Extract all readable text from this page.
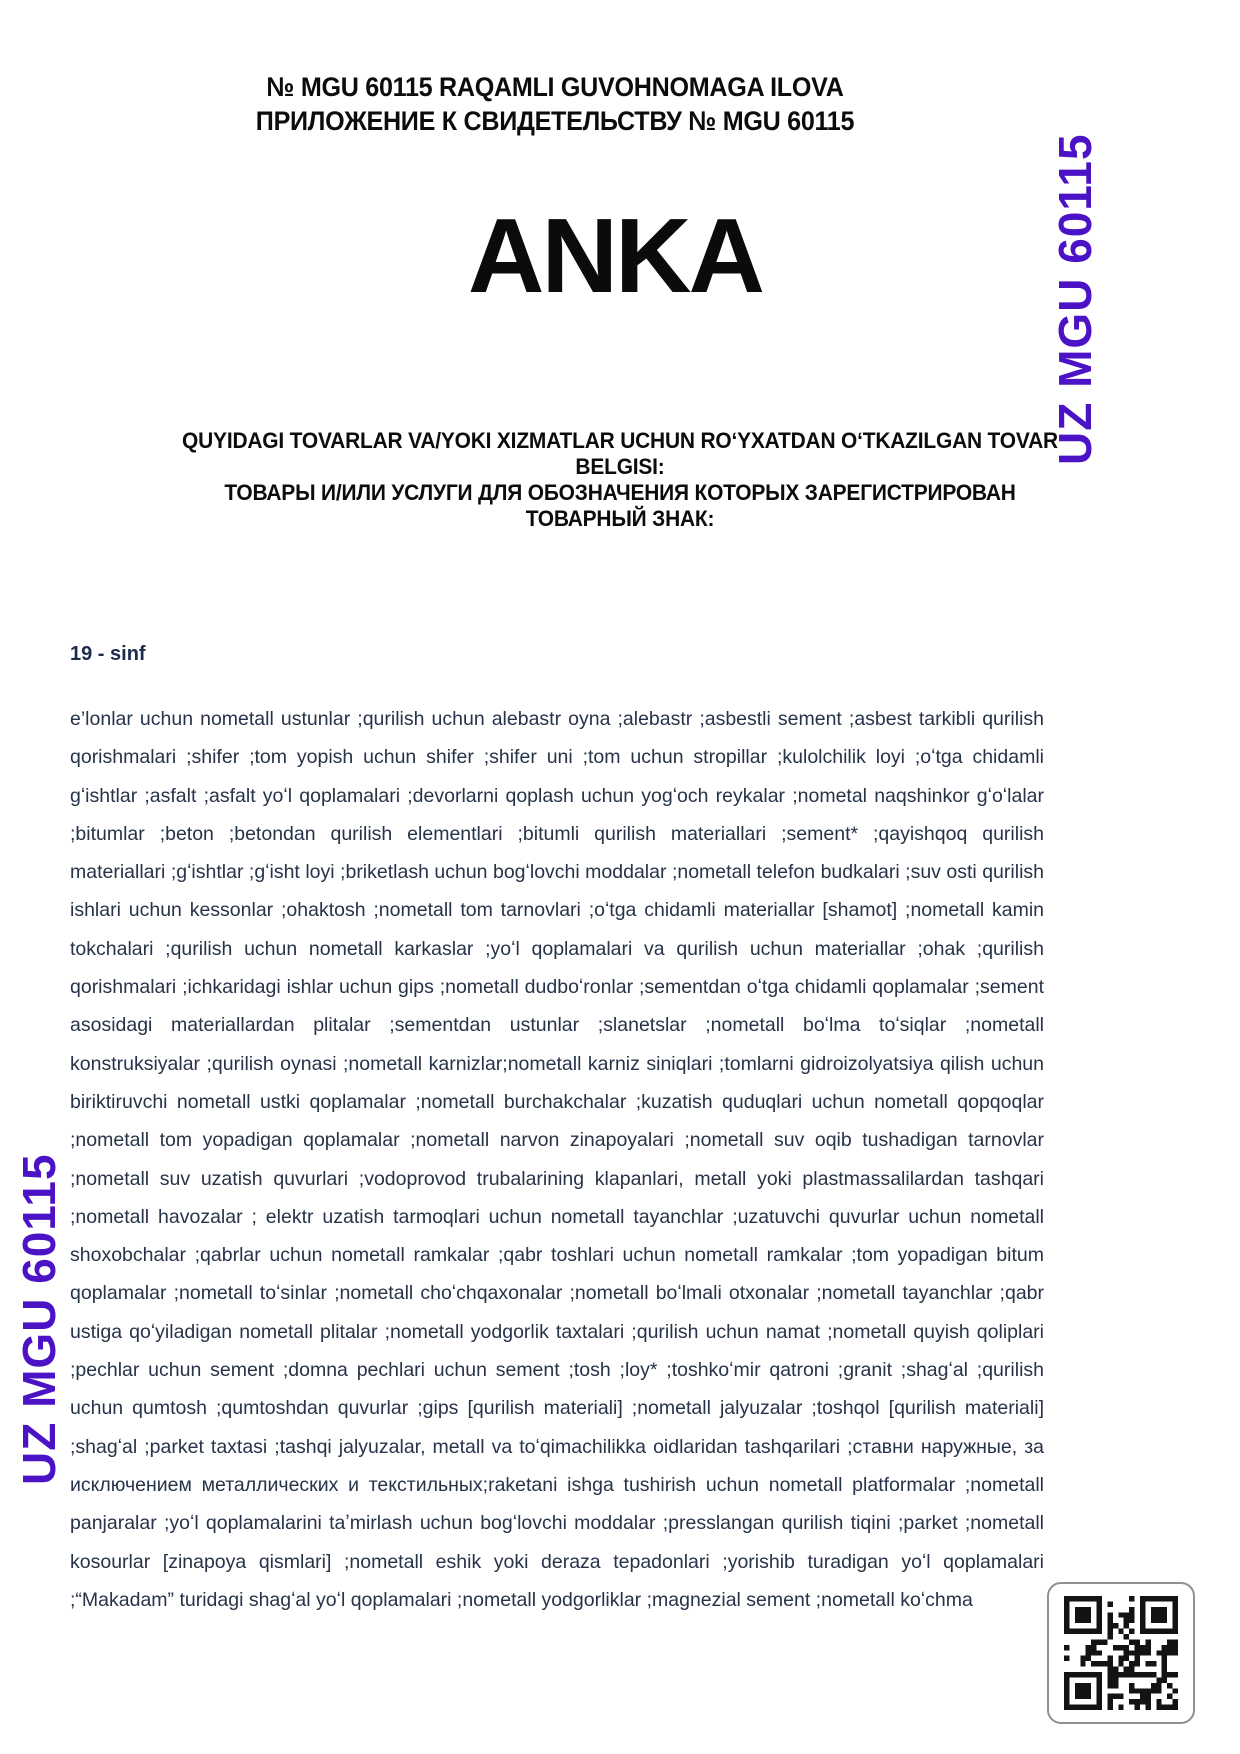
№ MGU 60115 RAQAMLI GUVOHNOMAGA ILOVA
ПРИЛОЖЕНИЕ К СВИДЕТЕЛЬСТВУ № MGU 60115
ANKA	UZ MGU 60115
QUYIDAGI TOVARLAR VA/YOKI XIZMATLAR UCHUN ROʻYXATDAN OʻTKAZILGAN TOVAR BELGISI:
ТОВАРЫ И/ИЛИ УСЛУГИ ДЛЯ ОБОЗНАЧЕНИЯ КОТОРЫХ ЗАРЕГИСТРИРОВАН ТОВАРНЫЙ ЗНАК:
19 - sinf
e’lonlar uchun nometall ustunlar ;qurilish uchun alebastr oyna ;alebastr ;asbestli sement ;asbest tarkibli qurilish qorishmalari ;shifer ;tom yopish uchun shifer ;shifer uni ;tom uchun stropillar ;kulolchilik loyi ;oʻtga chidamli gʻishtlar ;asfalt ;asfalt yoʻl qoplamalari ;devorlarni qoplash uchun yogʻoch reykalar ;nometal naqshinkor gʻoʻlalar ;bitumlar ;beton ;betondan qurilish elementlari ;bitumli qurilish materiallari ;sement* ;qayishqoq qurilish materiallari ;gʻishtlar ;gʻisht loyi ;briketlash uchun bogʻlovchi moddalar ;nometall telefon budkalari ;suv osti qurilish ishlari uchun kessonlar ;ohaktosh ;nometall tom tarnovlari ;oʻtga chidamli materiallar [shamot] ;nometall kamin tokchalari ;qurilish uchun nometall karkaslar ;yoʻl qoplamalari va qurilish uchun materiallar ;ohak ;qurilish qorishmalari ;ichkaridagi ishlar uchun gips ;nometall dudboʻronlar ;sementdan oʻtga chidamli qoplamalar ;sement asosidagi materiallardan plitalar ;sementdan ustunlar ;slanetslar ;nometall boʻlma toʻsiqlar ;nometall konstruksiyalar ;qurilish oynasi ;nometall karnizlar;nometall karniz siniqlari ;tomlarni gidroizolyatsiya qilish uchun biriktiruvchi nometall ustki qoplamalar ;nometall burchakchalar ;kuzatish quduqlari uchun nometall qopqoqlar ;nometall tom yopadigan qoplamalar ;nometall narvon zinapoyalari ;nometall suv oqib tushadigan tarnovlar ;nometall suv uzatish quvurlari ;vodoprovod trubalarining klapanlari, metall yoki plastmassalilardan tashqari ;nometall havozalar ; elektr uzatish tarmoqlari uchun nometall tayanchlar ;uzatuvchi quvurlar uchun nometall shoxobchalar ;qabrlar uchun nometall ramkalar ;qabr toshlari uchun nometall ramkalar ;tom yopadigan bitum qoplamalar ;nometall toʻsinlar ;nometall choʻchqaxonalar ;nometall boʻlmali otxonalar ;nometall tayanchlar ;qabr ustiga qoʻyiladigan nometall plitalar ;nometall yodgorlik taxtalari ;qurilish uchun namat ;nometall quyish qoliplari ;pechlar uchun sement ;domna pechlari uchun sement ;tosh ;loy* ;toshkoʻmir qatroni ;granit ;shagʻal ;qurilish uchun qumtosh ;qumtoshdan quvurlar ;gips [qurilish materiali] ;nometall jalyuzalar ;toshqol [qurilish materiali] ;shagʻal ;parket taxtasi ;tashqi jalyuzalar, metall va toʻqimachilikka oidlaridan tashqarilari ;ставни наружные, за исключением металлических и текстильных;raketani ishga tushirish uchun nometall platformalar ;nometall panjaralar ;yoʻl qoplamalarini taʼmirlash uchun bogʻlovchi moddalar ;presslangan qurilish tiqini ;parket ;nometall kosourlar [zinapoya qismlari] ;nometall eshik yoki deraza tepadonlari ;yorishib turadigan yoʻl qoplamalari ;“Makadam” turidagi shagʻal yoʻl qoplamalari ;nometall yodgorliklar ;magnezial sement ;nometall koʻchma
UZ MGU 60115
